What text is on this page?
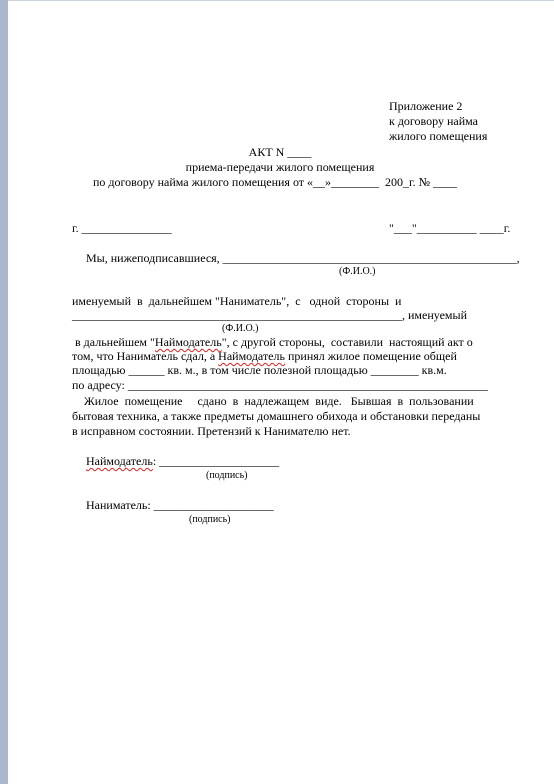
Приложение 2
к договору найма
жилого помещения
АКТ N ____
приема-передачи жилого помещения
по договору найма жилого помещения от «__»________  200_г. № ____
г. _______________	"___"__________ ____г.
Мы, нижеподписавшиеся, _________________________________________________,
(Ф.И.О.)
именуемый  в  дальнейшем "Наниматель",  с   одной  стороны  и
_______________________________________________________, именуемый
(Ф.И.О.)
в дальнейшем "Наймодатель", с другой стороны,  составили  настоящий акт о
том, что Наниматель сдал, а Наймодатель принял жилое помещение общей
площадью ______ кв. м., в том числе полезной площадью ________ кв.м.
по адресу: ____________________________________________________________
Жилое  помещение     сдано  в  надлежащем  виде.   Бывшая  в  пользовании
бытовая техника, а также предметы домашнего обихода и обстановки переданы
в исправном состоянии. Претензий к Нанимателю нет.
Наймодатель: ____________________
(подпись)
Наниматель: ____________________
(подпись)
